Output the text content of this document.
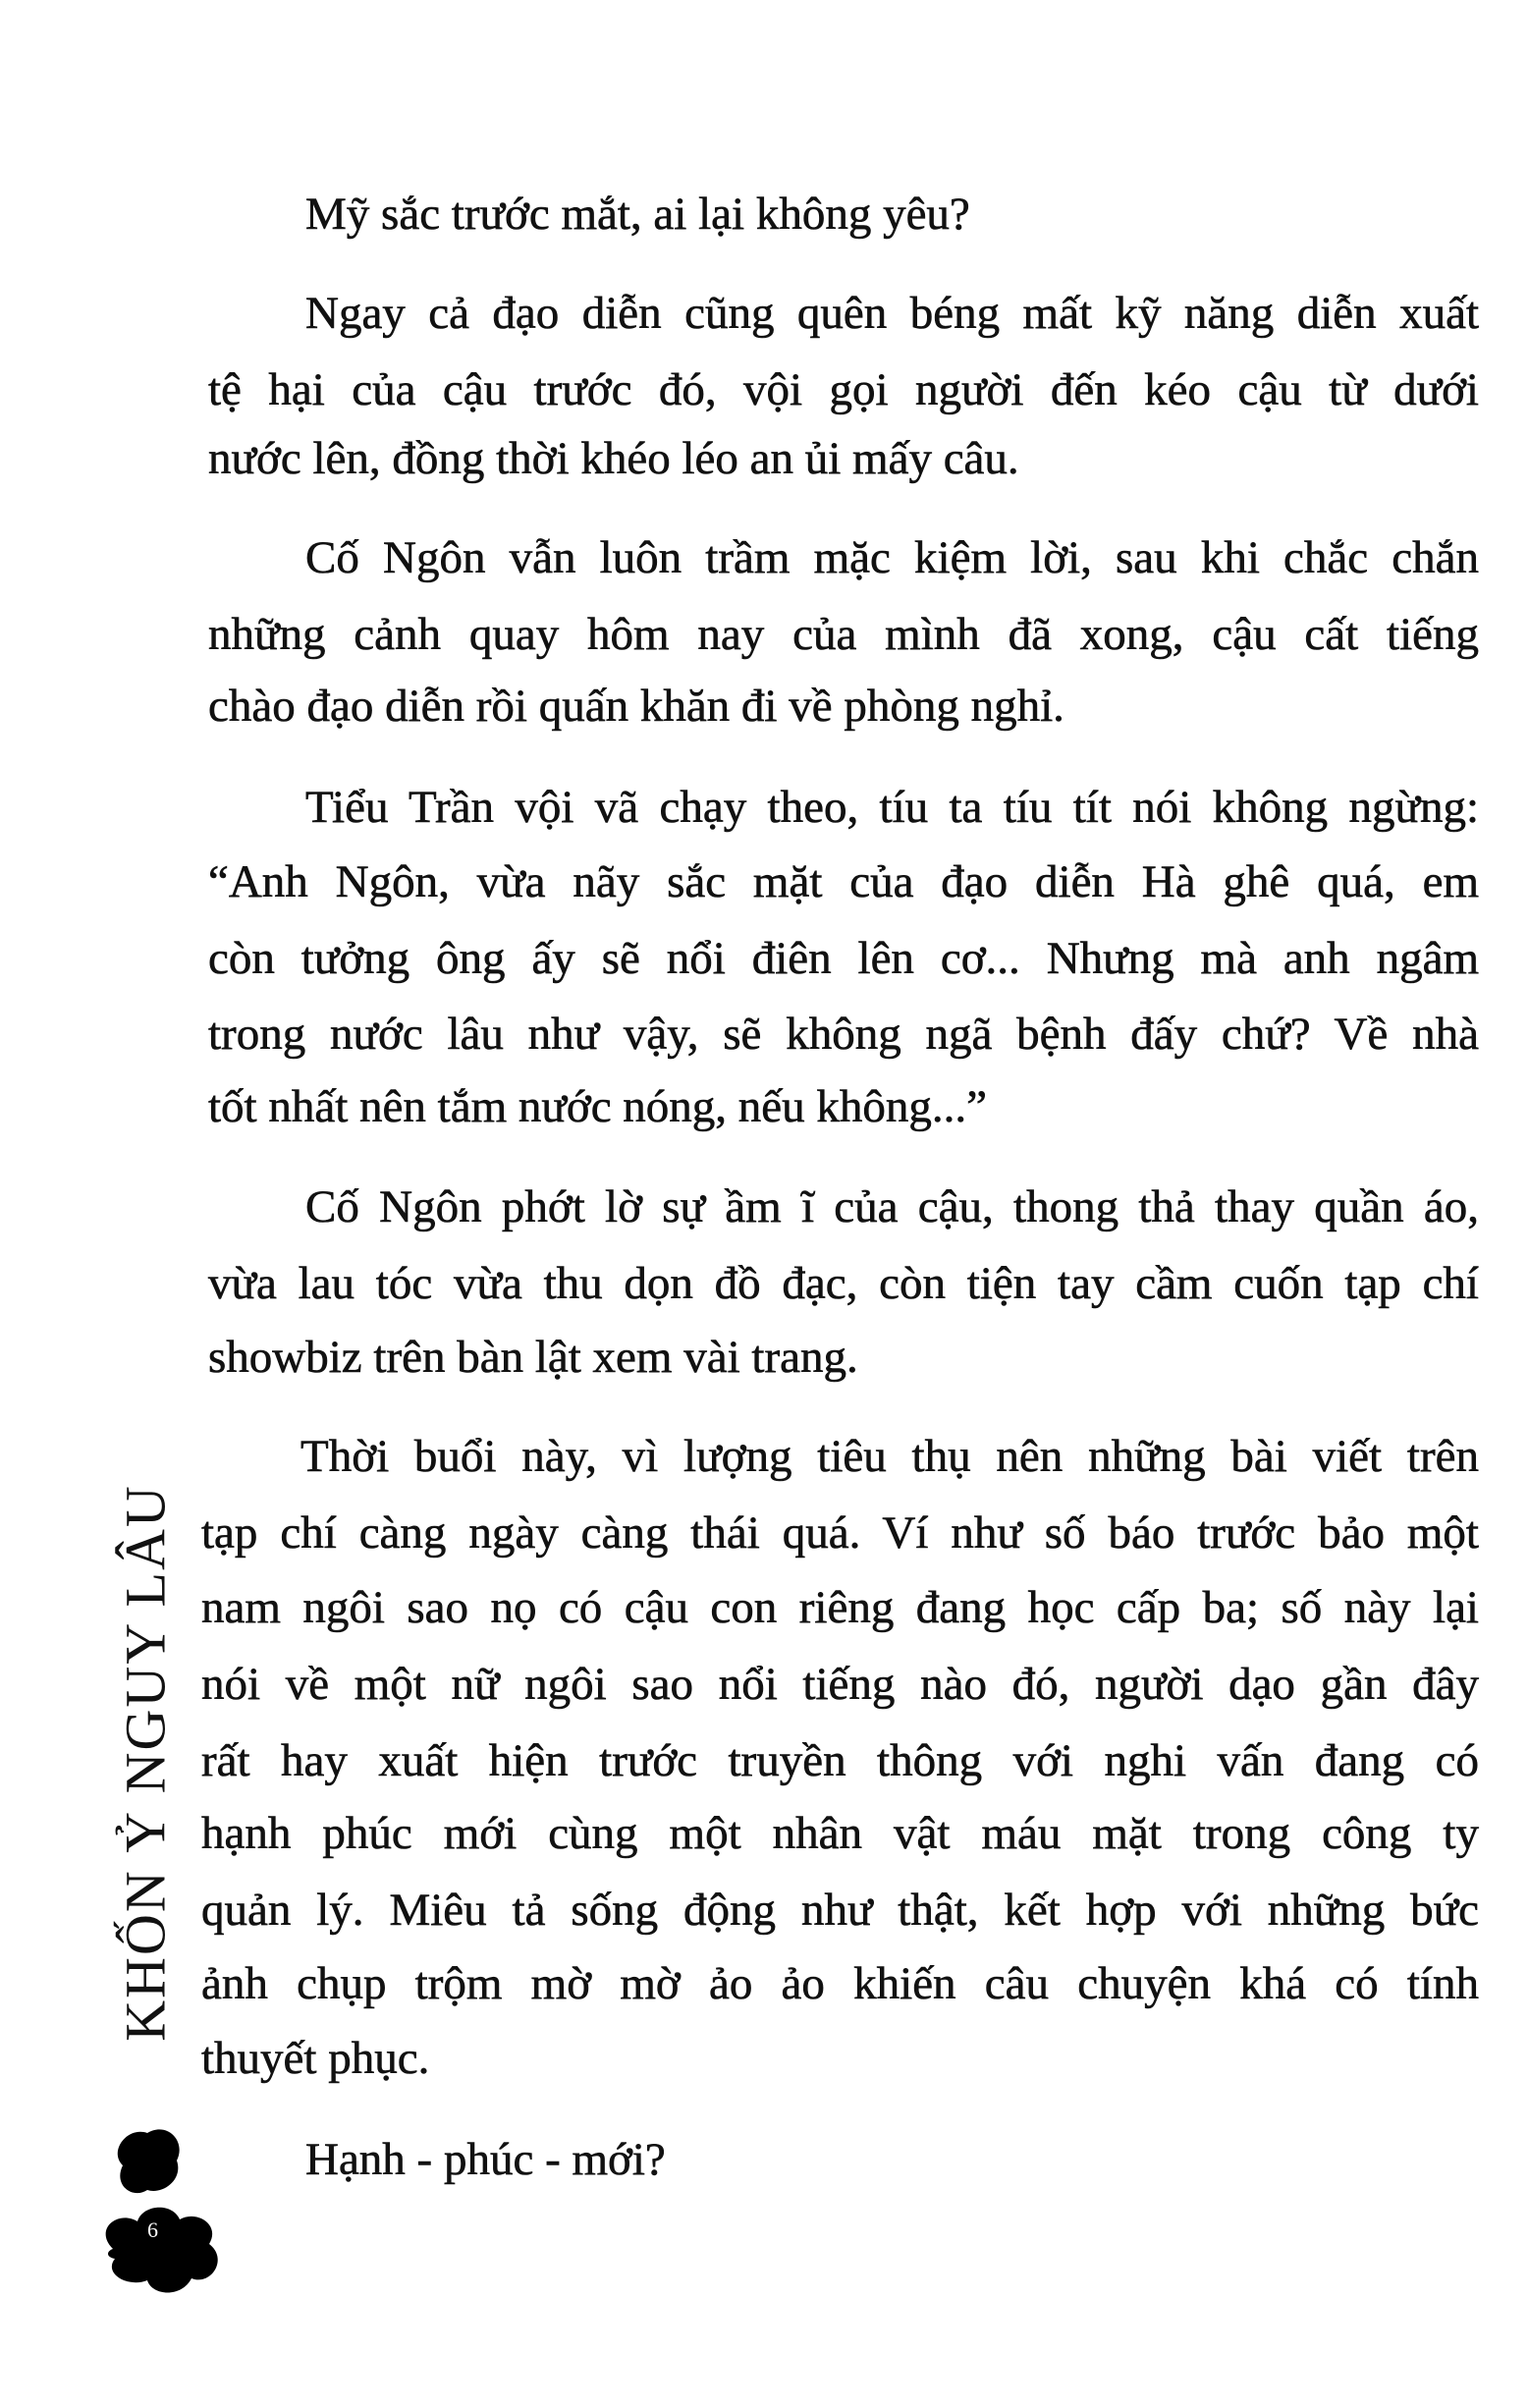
Mỹ sắc trước mắt, ai lại không yêu?
Ngay cả đạo diễn cũng quên béng mất kỹ năng diễn xuất
tệ hại của cậu trước đó, vội gọi người đến kéo cậu từ dưới
nước lên, đồng thời khéo léo an ủi mấy câu.
Cố Ngôn vẫn luôn trầm mặc kiệm lời, sau khi chắc chắn
những cảnh quay hôm nay của mình đã xong, cậu cất tiếng
chào đạo diễn rồi quấn khăn đi về phòng nghỉ.
Tiểu Trần vội vã chạy theo, tíu ta tíu tít nói không ngừng:
“Anh Ngôn, vừa nãy sắc mặt của đạo diễn Hà ghê quá, em
còn tưởng ông ấy sẽ nổi điên lên cơ... Nhưng mà anh ngâm
trong nước lâu như vậy, sẽ không ngã bệnh đấy chứ? Về nhà
tốt nhất nên tắm nước nóng, nếu không...”
Cố Ngôn phớt lờ sự ầm ĩ của cậu, thong thả thay quần áo,
vừa lau tóc vừa thu dọn đồ đạc, còn tiện tay cầm cuốn tạp chí
showbiz trên bàn lật xem vài trang.
Thời buổi này, vì lượng tiêu thụ nên những bài viết trên
tạp chí càng ngày càng thái quá. Ví như số báo trước bảo một
nam ngôi sao nọ có cậu con riêng đang học cấp ba; số này lại
nói về một nữ ngôi sao nổi tiếng nào đó, người dạo gần đây
rất hay xuất hiện trước truyền thông với nghi vấn đang có
hạnh phúc mới cùng một nhân vật máu mặt trong công ty
quản lý. Miêu tả sống động như thật, kết hợp với những bức
ảnh chụp trộm mờ mờ ảo ảo khiến câu chuyện khá có tính
thuyết phục.
Hạnh - phúc - mới?
KHỐN Ỷ NGUY LÂU
6
